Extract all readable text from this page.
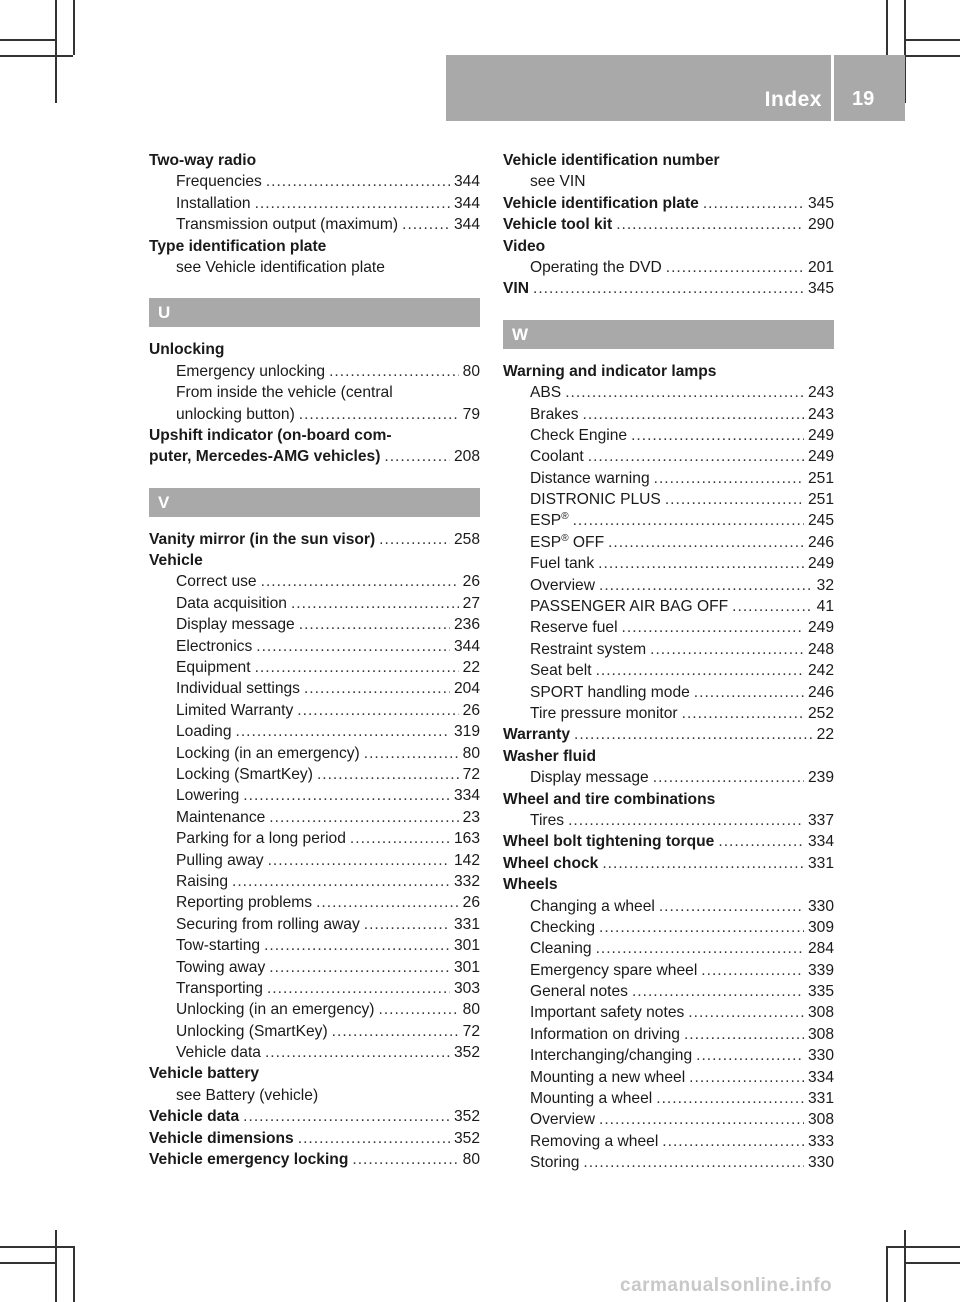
Index 19
Two-way radio
Frequencies .....	344
Installation .....	344
Transmission output (maximum) .....	344
Type identification plate
see Vehicle identification plate
U
Unlocking
Emergency unlocking .....	80
From inside the vehicle (central
unlocking button) .....	79
Upshift indicator (on-board com-
puter, Mercedes-AMG vehicles) .....	208
V
Vanity mirror (in the sun visor) .....	258
Vehicle
Correct use .....	26
Data acquisition .....	27
Display message .....	236
Electronics .....	344
Equipment .....	22
Individual settings .....	204
Limited Warranty .....	26
Loading .....	319
Locking (in an emergency) .....	80
Locking (SmartKey) .....	72
Lowering .....	334
Maintenance .....	23
Parking for a long period .....	163
Pulling away .....	142
Raising .....	332
Reporting problems .....	26
Securing from rolling away .....	331
Tow-starting .....	301
Towing away .....	301
Transporting .....	303
Unlocking (in an emergency) .....	80
Unlocking (SmartKey) .....	72
Vehicle data .....	352
Vehicle battery
see Battery (vehicle)
Vehicle data .....	352
Vehicle dimensions .....	352
Vehicle emergency locking .....	80
Vehicle identification number
see VIN
Vehicle identification plate .....	345
Vehicle tool kit .....	290
Video
Operating the DVD .....	201
VIN .....	345
W
Warning and indicator lamps
ABS .....	243
Brakes .....	243
Check Engine .....	249
Coolant .....	249
Distance warning .....	251
DISTRONIC PLUS .....	251
ESP® .....	245
ESP® OFF .....	246
Fuel tank .....	249
Overview .....	32
PASSENGER AIR BAG OFF .....	41
Reserve fuel .....	249
Restraint system .....	248
Seat belt .....	242
SPORT handling mode .....	246
Tire pressure monitor .....	252
Warranty .....	22
Washer fluid
Display message .....	239
Wheel and tire combinations
Tires .....	337
Wheel bolt tightening torque .....	334
Wheel chock .....	331
Wheels
Changing a wheel .....	330
Checking .....	309
Cleaning .....	284
Emergency spare wheel .....	339
General notes .....	335
Important safety notes .....	308
Information on driving .....	308
Interchanging/changing .....	330
Mounting a new wheel .....	334
Mounting a wheel .....	331
Overview .....	308
Removing a wheel .....	333
Storing .....	330
carmanualsonline.info
